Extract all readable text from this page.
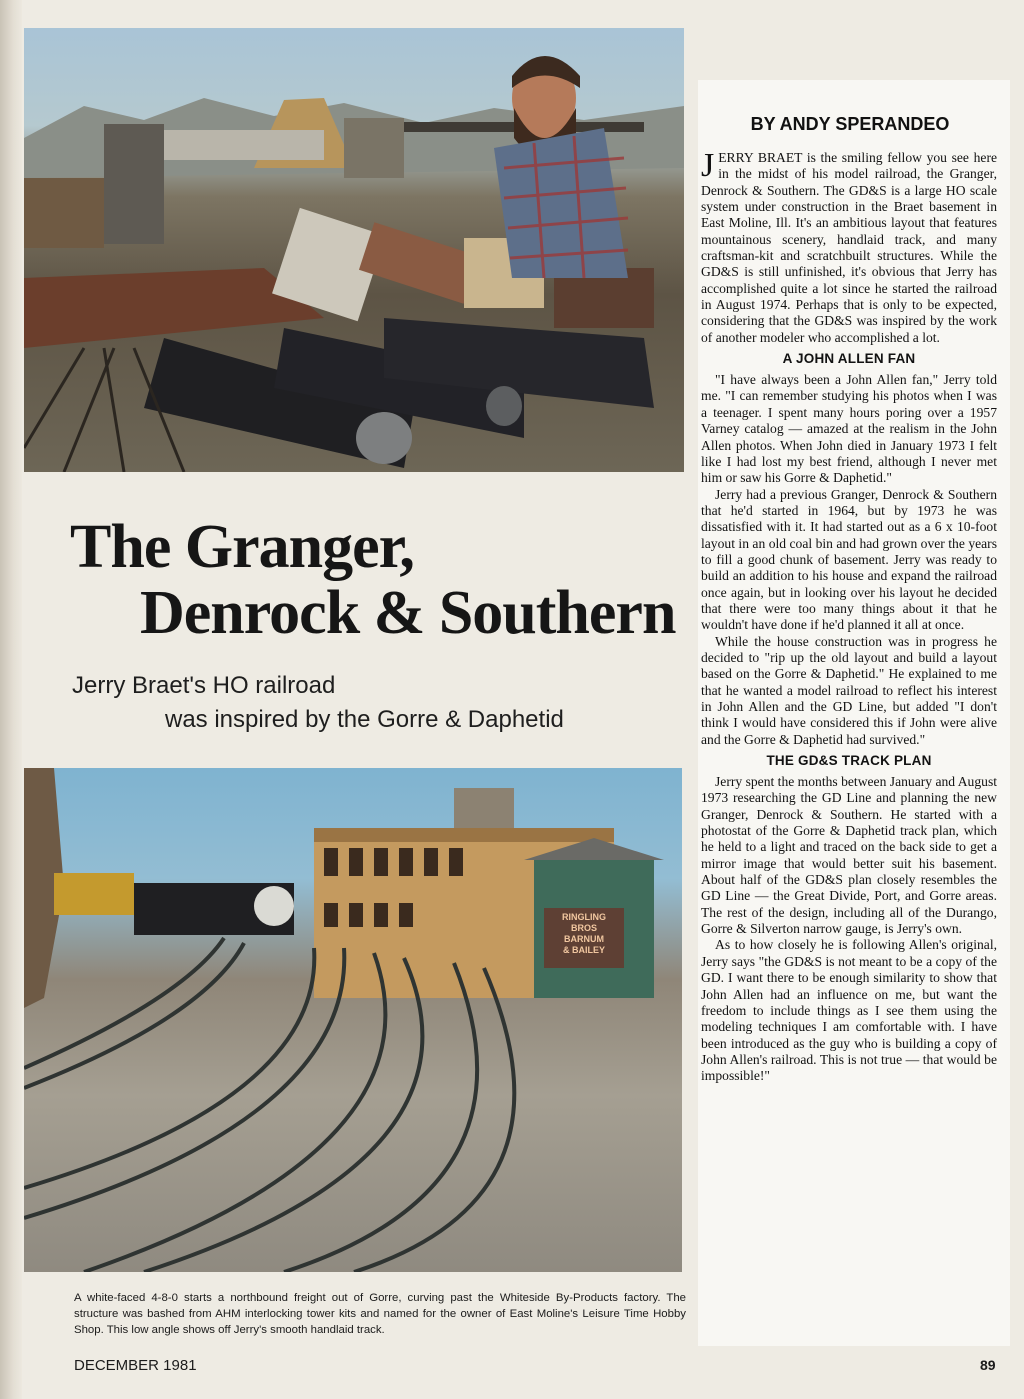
The Granger,
Denrock & Southern
Jerry Braet's HO railroad
was inspired by the Gorre & Daphetid
RINGLING
BROS
BARNUM
& BAILEY

A white-faced 4-8-0 starts a northbound freight out of Gorre, curving past the Whiteside By-Products factory. The structure was bashed from AHM interlocking tower kits and named for the owner of East Moline's Leisure Time Hobby Shop. This low angle shows off Jerry's smooth handlaid track.

DECEMBER 1981	89
BY ANDY SPERANDEO

JERRY BRAET is the smiling fellow you see here in the midst of his model railroad, the Granger, Denrock & Southern. The GD&S is a large HO scale system under construction in the Braet basement in East Moline, Ill. It's an ambitious layout that features mountainous scenery, handlaid track, and many craftsman-kit and scratchbuilt structures. While the GD&S is still unfinished, it's obvious that Jerry has accomplished quite a lot since he started the railroad in August 1974. Perhaps that is only to be expected, considering that the GD&S was inspired by the work of another modeler who accomplished a lot.

A JOHN ALLEN FAN

"I have always been a John Allen fan," Jerry told me. "I can remember studying his photos when I was a teenager. I spent many hours poring over a 1957 Varney catalog — amazed at the realism in the John Allen photos. When John died in January 1973 I felt like I had lost my best friend, although I never met him or saw his Gorre & Daphetid."

Jerry had a previous Granger, Denrock & Southern that he'd started in 1964, but by 1973 he was dissatisfied with it. It had started out as a 6 x 10-foot layout in an old coal bin and had grown over the years to fill a good chunk of basement. Jerry was ready to build an addition to his house and expand the railroad once again, but in looking over his layout he decided that there were too many things about it that he wouldn't have done if he'd planned it all at once.

While the house construction was in progress he decided to "rip up the old layout and build a layout based on the Gorre & Daphetid." He explained to me that he wanted a model railroad to reflect his interest in John Allen and the GD Line, but added "I don't think I would have considered this if John were alive and the Gorre & Daphetid had survived."

THE GD&S TRACK PLAN

Jerry spent the months between January and August 1973 researching the GD Line and planning the new Granger, Denrock & Southern. He started with a photostat of the Gorre & Daphetid track plan, which he held to a light and traced on the back side to get a mirror image that would better suit his basement. About half of the GD&S plan closely resembles the GD Line — the Great Divide, Port, and Gorre areas. The rest of the design, including all of the Durango, Gorre & Silverton narrow gauge, is Jerry's own.

As to how closely he is following Allen's original, Jerry says "the GD&S is not meant to be a copy of the GD. I want there to be enough similarity to show that John Allen had an influence on me, but want the freedom to include things as I see them using the modeling techniques I am comfortable with. I have been introduced as the guy who is building a copy of John Allen's railroad. This is not true — that would be impossible!"
